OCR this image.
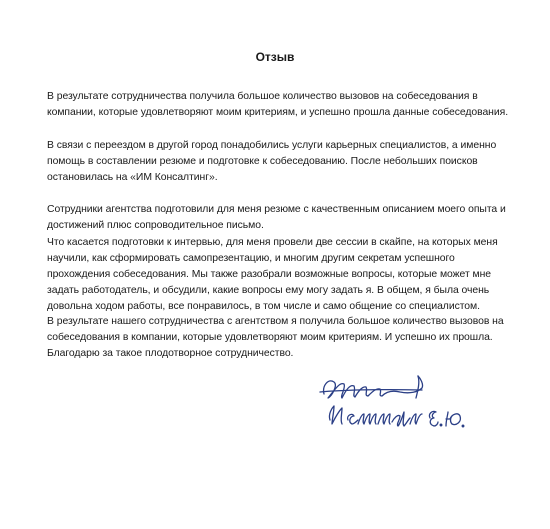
Отзыв

В результате сотрудничества получила большое количество вызовов на собеседования в компании, которые удовлетворяют моим критериям, и успешно прошла данные собеседования.

В связи с переездом в другой город понадобились услуги карьерных специалистов, а именно помощь в составлении резюме и подготовке к собеседованию. После небольших поисков остановилась на «ИМ Консалтинг».

Сотрудники агентства подготовили для меня резюме с качественным описанием моего опыта и достижений плюс сопроводительное письмо.

Что касается подготовки к интервью, для меня провели две сессии в скайпе, на которых меня научили, как сформировать самопрезентацию, и многим другим секретам успешного прохождения собеседования. Мы также разобрали возможные вопросы, которые может мне задать работодатель, и обсудили, какие вопросы ему могу задать я. В общем, я была очень довольна ходом работы, все понравилось, в том числе и само общение со специалистом.

В результате нашего сотрудничества с агентством я получила большое количество вызовов на собеседования в компании, которые удовлетворяют моим критериям. И успешно их прошла. Благодарю за такое плодотворное сотрудничество.
